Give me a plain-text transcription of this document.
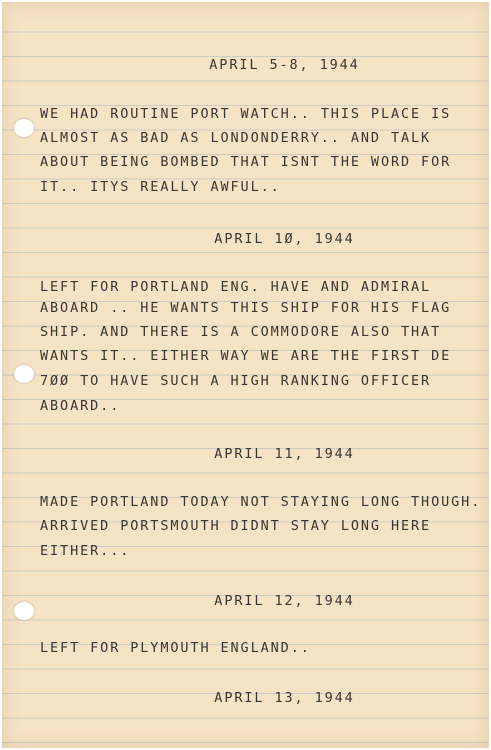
APRIL 5-8, 1944
WE HAD ROUTINE PORT WATCH.. THIS PLACE IS
ALMOST AS BAD AS LONDONDERRY.. AND TALK
ABOUT BEING BOMBED THAT ISNT THE WORD FOR
IT.. ITYS REALLY AWFUL..
APRIL 1Ø, 1944
LEFT FOR PORTLAND ENG. HAVE AND ADMIRAL
ABOARD .. HE WANTS THIS SHIP FOR HIS FLAG
SHIP. AND THERE IS A COMMODORE ALSO THAT
WANTS IT.. EITHER WAY WE ARE THE FIRST DE
7ØØ TO HAVE SUCH A HIGH RANKING OFFICER
ABOARD..
APRIL 11, 1944
MADE PORTLAND TODAY NOT STAYING LONG THOUGH.
ARRIVED PORTSMOUTH DIDNT STAY LONG HERE
EITHER...
APRIL 12, 1944
LEFT FOR PLYMOUTH ENGLAND..
APRIL 13, 1944
